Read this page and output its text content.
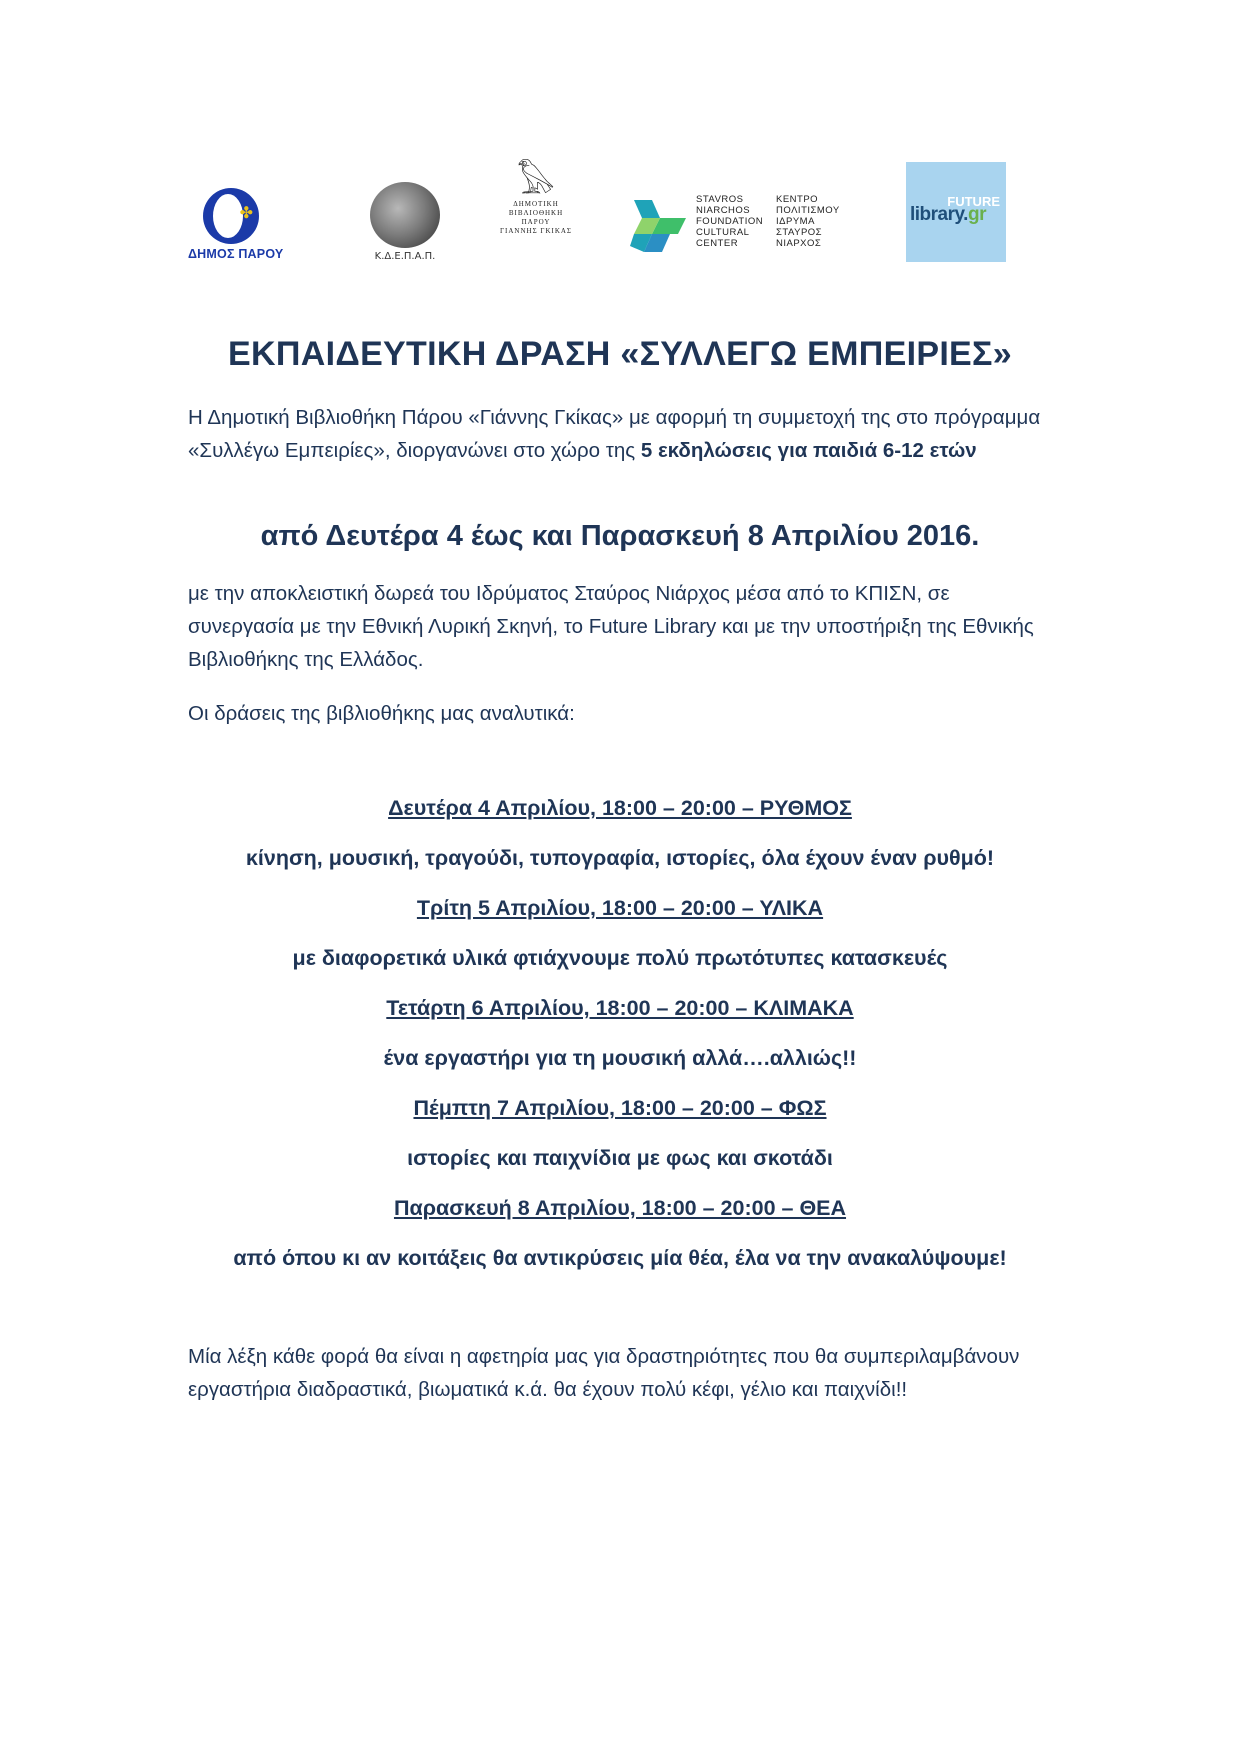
✤
ΔΗΜΟΣ ΠΑΡΟΥ	Κ.Δ.Ε.Π.Α.Π.
𓅃
ΔΗΜΟΤΙΚΗ
ΒΙΒΛΙΟΘΗΚΗ
ΠΑΡΟΥ
ΓΙΑΝΝΗΣ ΓΚΙΚΑΣ
STAVROS
NIARCHOS
FOUNDATION
CULTURAL
CENTER
ΚΕΝΤΡΟ
ΠΟΛΙΤΙΣΜΟΥ
ΙΔΡΥΜΑ
ΣΤΑΥΡΟΣ
ΝΙΑΡΧΟΣ
FUTURE
library.gr
ΕΚΠΑΙΔΕΥΤΙΚΗ ΔΡΑΣΗ «ΣΥΛΛΕΓΩ ΕΜΠΕΙΡΙΕΣ»

Η Δημοτική Βιβλιοθήκη Πάρου «Γιάννης Γκίκας» με αφορμή τη συμμετοχή της στο πρόγραμμα «Συλλέγω Εμπειρίες», διοργανώνει στο χώρο της 5 εκδηλώσεις για παιδιά 6-12 ετών

από Δευτέρα 4 έως και Παρασκευή 8 Απριλίου 2016.

με την αποκλειστική δωρεά του Ιδρύματος Σταύρος Νιάρχος μέσα από το ΚΠΙΣΝ, σε συνεργασία με την Εθνική Λυρική Σκηνή, το Future Library και με την υποστήριξη της Εθνικής Βιβλιοθήκης της Ελλάδος.

Οι δράσεις της βιβλιοθήκης μας αναλυτικά:

Δευτέρα 4 Απριλίου, 18:00 – 20:00 – ΡΥΘΜΟΣ
κίνηση, μουσική, τραγούδι, τυπογραφία, ιστορίες, όλα έχουν έναν ρυθμό!
Τρίτη 5 Απριλίου, 18:00 – 20:00 – ΥΛΙΚΑ
με διαφορετικά υλικά φτιάχνουμε πολύ πρωτότυπες κατασκευές
Τετάρτη 6 Απριλίου, 18:00 – 20:00 – ΚΛΙΜΑΚΑ
ένα εργαστήρι για τη μουσική αλλά….αλλιώς!!
Πέμπτη 7 Απριλίου, 18:00 – 20:00 – ΦΩΣ
ιστορίες και παιχνίδια με φως και σκοτάδι
Παρασκευή 8 Απριλίου, 18:00 – 20:00 – ΘΕΑ
από όπου κι αν κοιτάξεις θα αντικρύσεις μία θέα, έλα να την ανακαλύψουμε!

Μία λέξη κάθε φορά θα είναι η αφετηρία μας για δραστηριότητες που θα συμπεριλαμβάνουν εργαστήρια διαδραστικά, βιωματικά κ.ά. θα έχουν πολύ κέφι, γέλιο και παιχνίδι!!
